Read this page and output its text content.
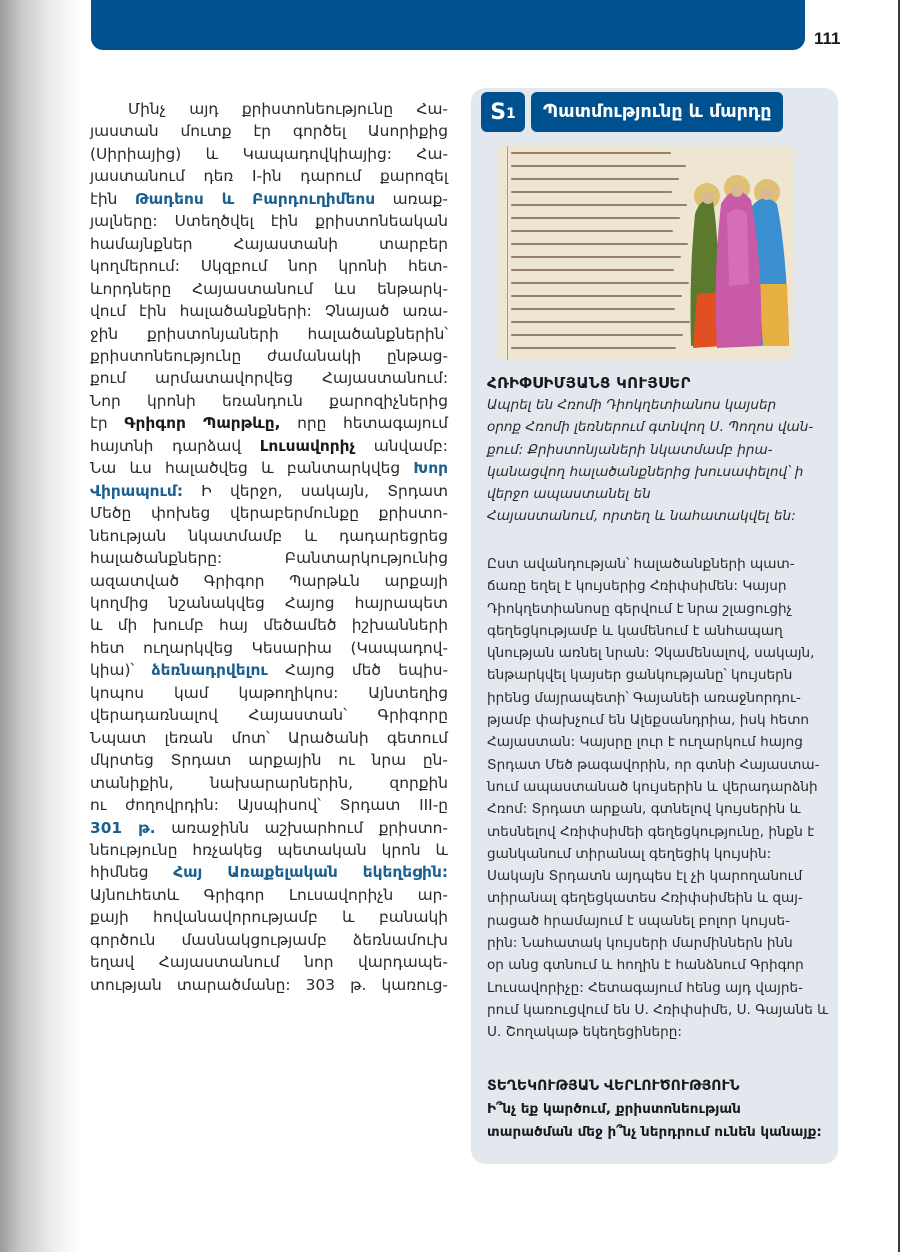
111
Մինչ այդ քրիստոնեությունը Հա-
յաստան մուտք էր գործել Ասորիքից
(Սիրիայից) և Կապադովկիայից: Հա-
յաստանում դեռ I-ին դարում քարոզել
էին Թադեոս և Բարդուղիմեոս առաք-
յալները: Ստեղծվել էին քրիստոնեական
համայնքներ Հայաստանի տարբեր
կողմերում: Սկզբում նոր կրոնի հետ-
ևորդները Հայաստանում ևս ենթարկ-
վում էին հալածանքների: Չնայած առա-
ջին քրիստոնյաների հալածանքներին՝
քրիստոնեությունը ժամանակի ընթաց-
քում արմատավորվեց Հայաստանում:
Նոր կրոնի եռանդուն քարոզիչներից
էր Գրիգոր Պարթևը, որը հետագայում
հայտնի դարձավ Լուսավորիչ անվամբ:
Նա ևս հալածվեց և բանտարկվեց Խոր
Վիրապում: Ի վերջո, սակայն, Տրդատ
Մեծը փոխեց վերաբերմունքը քրիստո-
նեության նկատմամբ և դադարեցրեց
հալածանքները: Բանտարկությունից
ազատված Գրիգոր Պարթևն արքայի
կողմից նշանակվեց Հայոց հայրապետ
և մի խումբ հայ մեծամեծ իշխանների
հետ ուղարկվեց Կեսարիա (Կապադով-
կիա)՝ ձեռնադրվելու Հայոց մեծ եպիս-
կոպոս կամ կաթողիկոս: Այնտեղից
վերադառնալով Հայաստան՝ Գրիգորը
Նպատ լեռան մոտ՝ Արածանի գետում
մկրտեց Տրդատ արքային ու նրա ըն-
տանիքին, նախարարներին, զորքին
ու ժողովրդին: Այսպիսով՝ Տրդատ III-ը
301 թ. առաջինն աշխարհում քրիստո-
նեությունը հռչակեց պետական կրոն և
հիմնեց Հայ Առաքելական եկեղեցին:
Այնուհետև Գրիգոր Լուսավորիչն ար-
քայի հովանավորությամբ և բանակի
գործուն մասնակցությամբ ձեռնամուխ
եղավ Հայաստանում նոր վարդապե-
տության տարածմանը: 303 թ. կառուց-
$S_1$	Պատմությունը և մարդը
ՀՌԻՓՍԻՄՅԱՆՑ ԿՈՒՅՍԵՐ
Ապրել են Հռոմի Դիոկղետիանոս կայսեր
օրոք Հռոմի լեռներում գտնվող Ս. Պողոս վան-
քում: Քրիստոնյաների նկատմամբ իրա-
կանացվող հալածանքներից խուսափելով՝ ի
վերջո ապաստանել են
Հայաստանում, որտեղ և նահատակվել են:
Ըստ ավանդության՝ հալածանքների պատ-
ճառը եղել է կույսերից Հռիփսիմեն: Կայսր
Դիոկղետիանոսը գերվում է նրա շլացուցիչ
գեղեցկությամբ և կամենում է անհապաղ
կնության առնել նրան: Չկամենալով, սակայն,
ենթարկվել կայսեր ցանկությանը՝ կույսերն
իրենց մայրապետի՝ Գայանեի առաջնորդու-
թյամբ փախչում են Ալեքսանդրիա, իսկ հետո
Հայաստան: Կայսրը լուր է ուղարկում հայոց
Տրդատ Մեծ թագավորին, որ գտնի Հայաստա-
նում ապաստանած կույսերին և վերադարձնի
Հռոմ: Տրդատ արքան, գտնելով կույսերին և
տեսնելով Հռիփսիմեի գեղեցկությունը, ինքն է
ցանկանում տիրանալ գեղեցիկ կույսին:
Սակայն Տրդատն այդպես էլ չի կարողանում
տիրանալ գեղեցկատես Հռիփսիմեին և զայ-
րացած հրամայում է սպանել բոլոր կույսե-
րին: Նահատակ կույսերի մարմիններն ինն
օր անց գտնում և հողին է հանձնում Գրիգոր
Լուսավորիչը: Հետագայում հենց այդ վայրե-
րում կառուցվում են Ս. Հռիփսիմե, Ս. Գայանե և
Ս. Շողակաթ եկեղեցիները:
ՏԵՂԵԿՈՒԹՅԱՆ ՎԵՐԼՈՒԾՈՒԹՅՈՒՆ
Ի՞նչ եք կարծում, քրիստոնեության
տարածման մեջ ի՞նչ ներդրում ունեն կանայք:
